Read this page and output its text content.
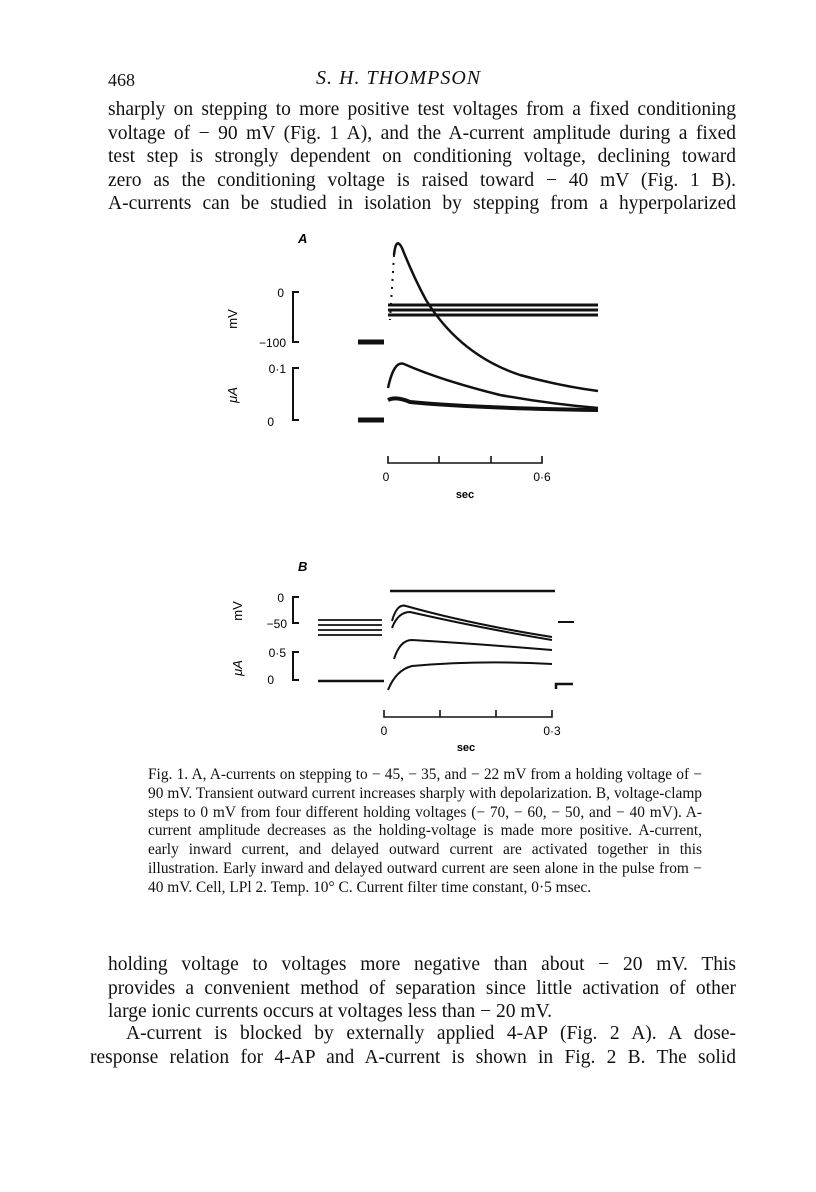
468	S. H. THOMPSON
sharply on stepping to more positive test voltages from a fixed conditioning
voltage of − 90 mV (Fig. 1 A), and the A-current amplitude during a fixed
test step is strongly dependent on conditioning voltage, declining toward
zero as the conditioning voltage is raised toward − 40 mV (Fig. 1 B).
A-currents can be studied in isolation by stepping from a hyperpolarized
A
0
−100
mV
0·1
0
μA
0	0·6
sec
B
0
−50
mV
0·5
0
μA
0	0·3
sec
Fig. 1. A, A-currents on stepping to − 45, − 35, and − 22 mV from a holding voltage of − 90 mV. Transient outward current increases sharply with depolarization. B, voltage-clamp steps to 0 mV from four different holding voltages (− 70, − 60, − 50, and − 40 mV). A-current amplitude decreases as the holding-voltage is made more positive. A-current, early inward current, and delayed outward current are activated together in this illustration. Early inward and delayed outward current are seen alone in the pulse from − 40 mV. Cell, LPl 2. Temp. 10° C. Current filter time constant, 0·5 msec.
holding voltage to voltages more negative than about − 20 mV. This
provides a convenient method of separation since little activation of other
large ionic currents occurs at voltages less than − 20 mV.
A-current is blocked by externally applied 4-AP (Fig. 2 A). A dose-
response relation for 4-AP and A-current is shown in Fig. 2 B. The solid
